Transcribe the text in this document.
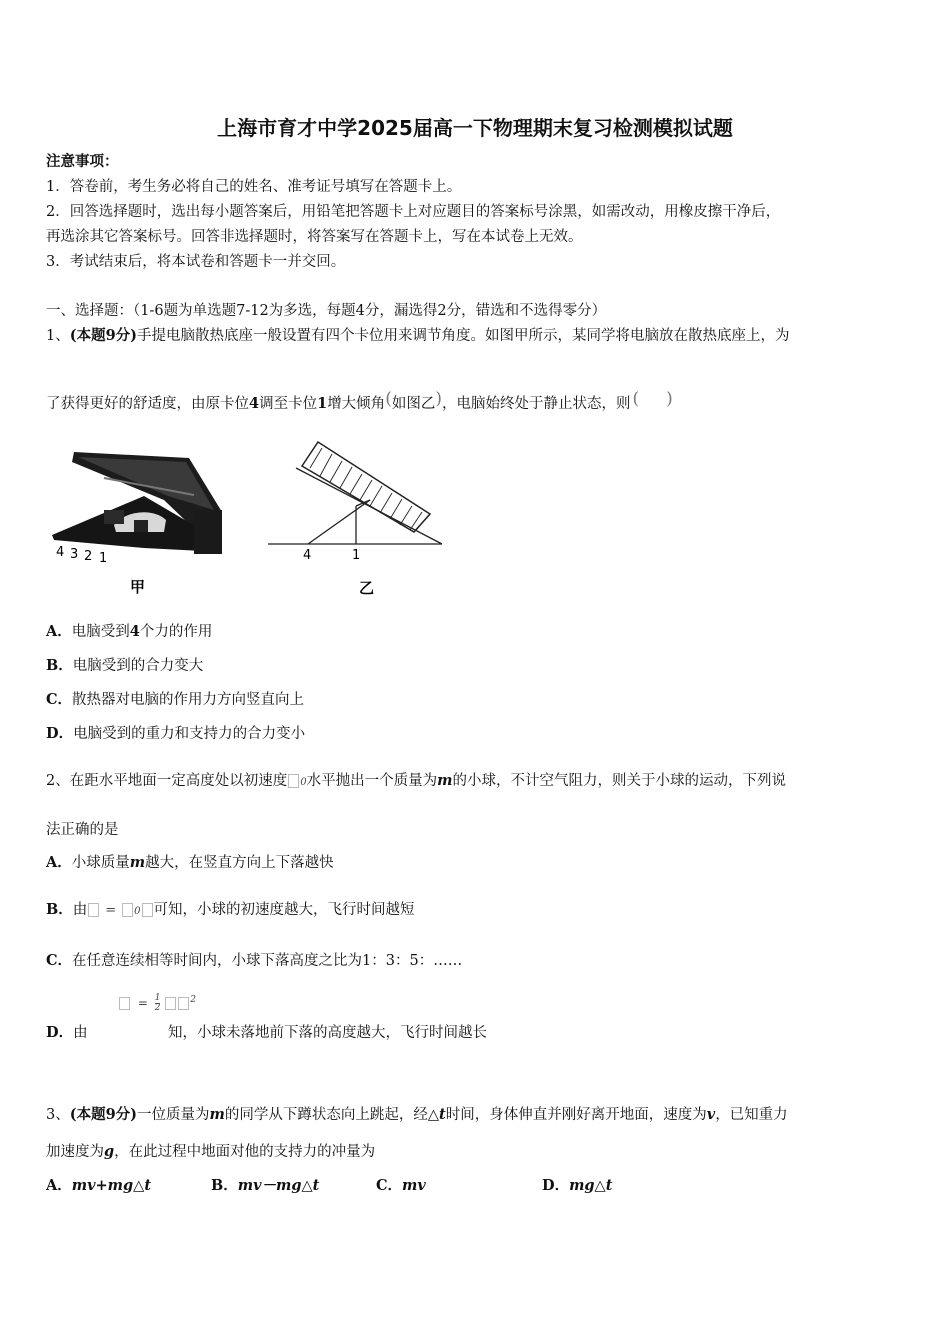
上海市育才中学2025届高一下物理期末复习检测模拟试题
注意事项：
1．答卷前，考生务必将自己的姓名、准考证号填写在答题卡上。
2．回答选择题时，选出每小题答案后，用铅笔把答题卡上对应题目的答案标号涂黑，如需改动，用橡皮擦干净后，
再选涂其它答案标号。回答非选择题时，将答案写在答题卡上，写在本试卷上无效。
3．考试结束后，将本试卷和答题卡一并交回。
一、选择题：（1-6题为单选题7-12为多选，每题4分，漏选得2分，错选和不选得零分）
1、(本题9分)手提电脑散热底座一般设置有四个卡位用来调节角度。如图甲所示，某同学将电脑放在散热底座上，为
了获得更好的舒适度，由原卡位4调至卡位1增大倾角(如图乙)，电脑始终处于静止状态，则 (     )
4 3 2 1
甲
4	1
乙
A．电脑受到4个力的作用
B．电脑受到的合力变大
C．散热器对电脑的作用力方向竖直向上
D．电脑受到的重力和支持力的合力变小
2、在距水平地面一定高度处以初速度 0水平抛出一个质量为m的小球，不计空气阻力，则关于小球的运动，下列说
法正确的是
A．小球质量m越大，在竖直方向上下落越快
B．由 = 0 可知，小球的初速度越大，飞行时间越短
C．在任意连续相等时间内，小球下落高度之比为1：3：5：……
= $\frac{1}{2}$	$^2$
D．由	知，小球未落地前下落的高度越大，飞行时间越长
3、(本题9分)一位质量为m的同学从下蹲状态向上跳起，经△t时间，身体伸直并刚好离开地面，速度为v，已知重力
加速度为g，在此过程中地面对他的支持力的冲量为
A．mv+mg△t	B．mv－mg△t	C．mv	D．mg△t
